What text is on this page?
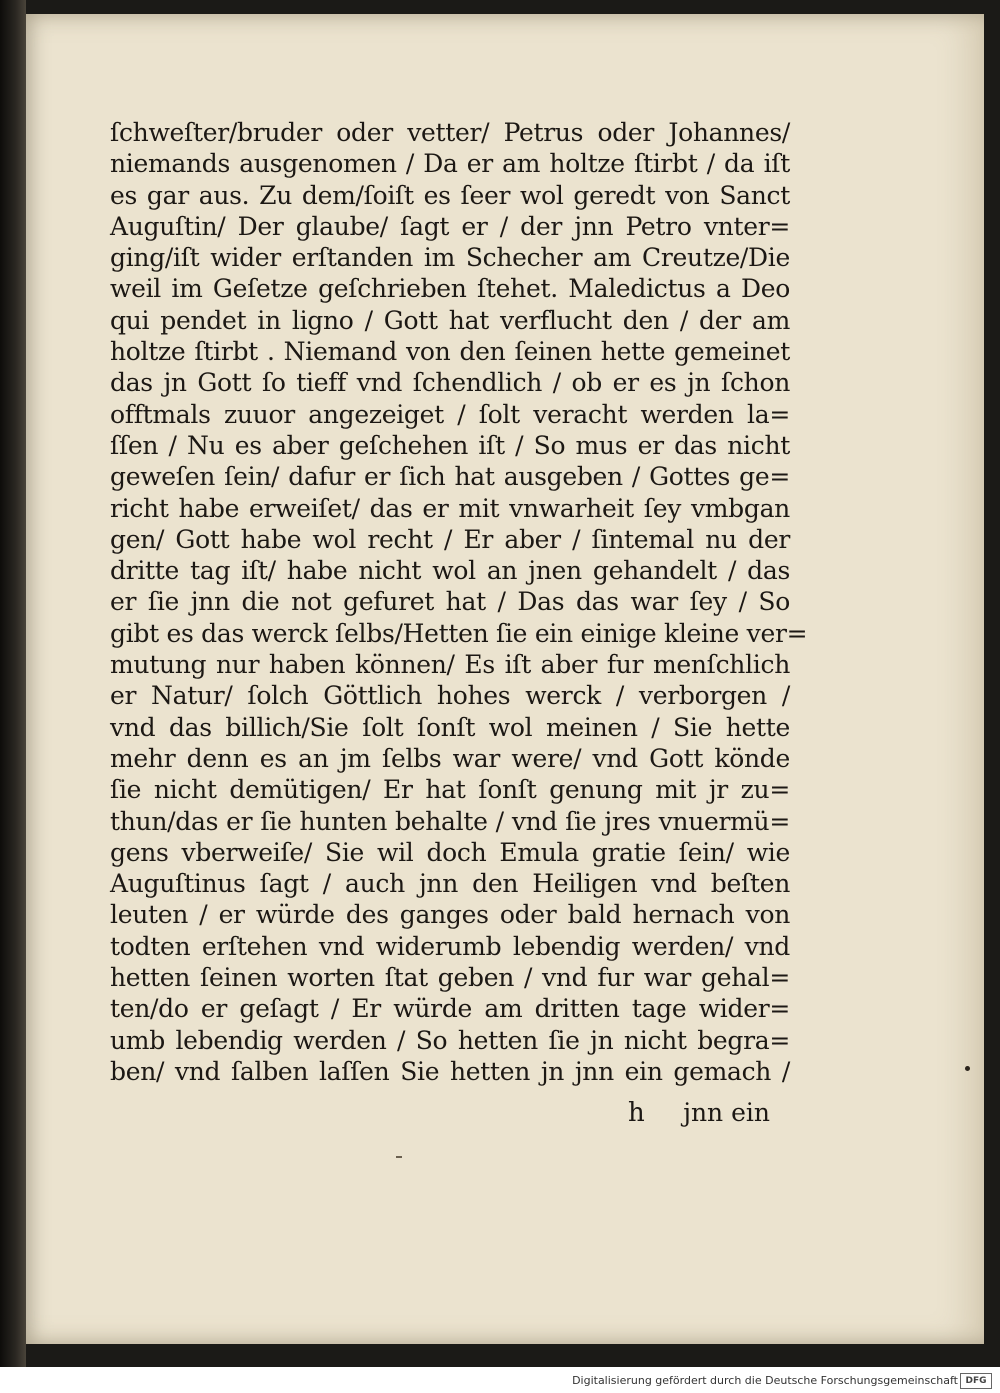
ſchweſter/bruder oder vetter/ Petrus oder Johannes/
niemands ausgenomen / Da er am holtze ſtirbt / da iſt
es gar aus. Zu dem/ſoiſt es ſeer wol geredt von Sanct
Auguſtin/ Der glaube/ ſagt er / der jnn Petro vnter=
ging/iſt wider erſtanden im Schecher am Creutze/Die
weil im Geſetze geſchrieben ſtehet. Maledictus a Deo
qui pendet in ligno / Gott hat verflucht den / der am
holtze ſtirbt . Niemand von den ſeinen hette gemeinet
das jn Gott ſo tieff vnd ſchendlich / ob er es jn ſchon
offtmals zuuor angezeiget / ſolt veracht werden la=
ſſen / Nu es aber geſchehen iſt / So mus er das nicht
geweſen ſein/ dafur er ſich hat ausgeben / Gottes ge=
richt habe erweiſet/ das er mit vnwarheit ſey vmbgan
gen/ Gott habe wol recht / Er aber / ſintemal nu der
dritte tag iſt/ habe nicht wol an jnen gehandelt / das
er ſie jnn die not gefuret hat / Das das war ſey / So
gibt es das werck ſelbs/Hetten ſie ein einige kleine ver=
mutung nur haben können/ Es iſt aber fur menſchlich
er Natur/ ſolch Göttlich hohes werck / verborgen /
vnd das billich/Sie ſolt ſonſt wol meinen / Sie hette
mehr denn es an jm ſelbs war were/ vnd Gott könde
ſie nicht demütigen/ Er hat ſonſt genung mit jr zu=
thun/das er ſie hunten behalte / vnd ſie jres vnuermü=
gens vberweiſe/ Sie wil doch Emula gratie ſein/ wie
Auguſtinus ſagt / auch jnn den Heiligen vnd beſten
leuten / er würde des ganges oder bald hernach von
todten erſtehen vnd widerumb lebendig werden/ vnd
hetten ſeinen worten ſtat geben / vnd fur war gehal=
ten/do er geſagt / Er würde am dritten tage wider=
umb lebendig werden / So hetten ſie jn nicht begra=
ben/ vnd ſalben laſſen Sie hetten jn jnn ein gemach /
h jnn ein
Digitalisierung gefördert durch die Deutsche Forschungsgemeinschaft DFG
